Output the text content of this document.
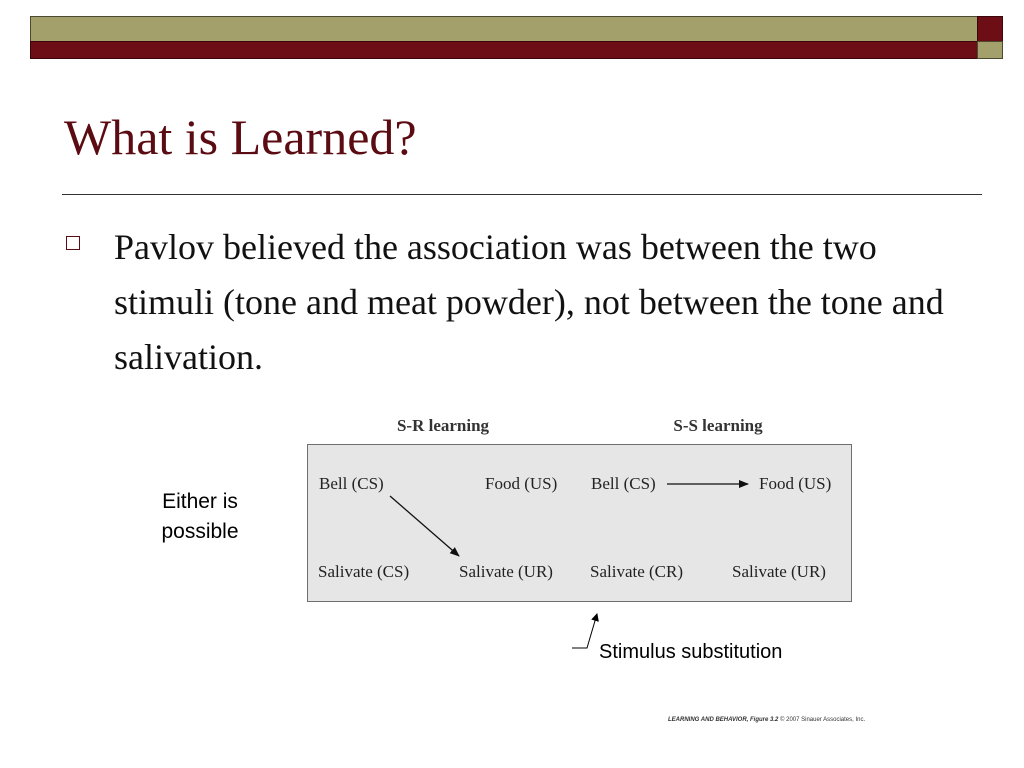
What is Learned?
Pavlov believed the association was between the two stimuli (tone and meat powder), not between the tone and salivation.
Either is possible
S-R learning
Bell (CS)	Food (US)
Salivate (CS)	Salivate (UR)
S-S learning
Bell (CS)	Food (US)
Salivate (CR)	Salivate (UR)
Stimulus substitution
LEARNING AND BEHAVIOR, Figure 3.2 © 2007 Sinauer Associates, Inc.
